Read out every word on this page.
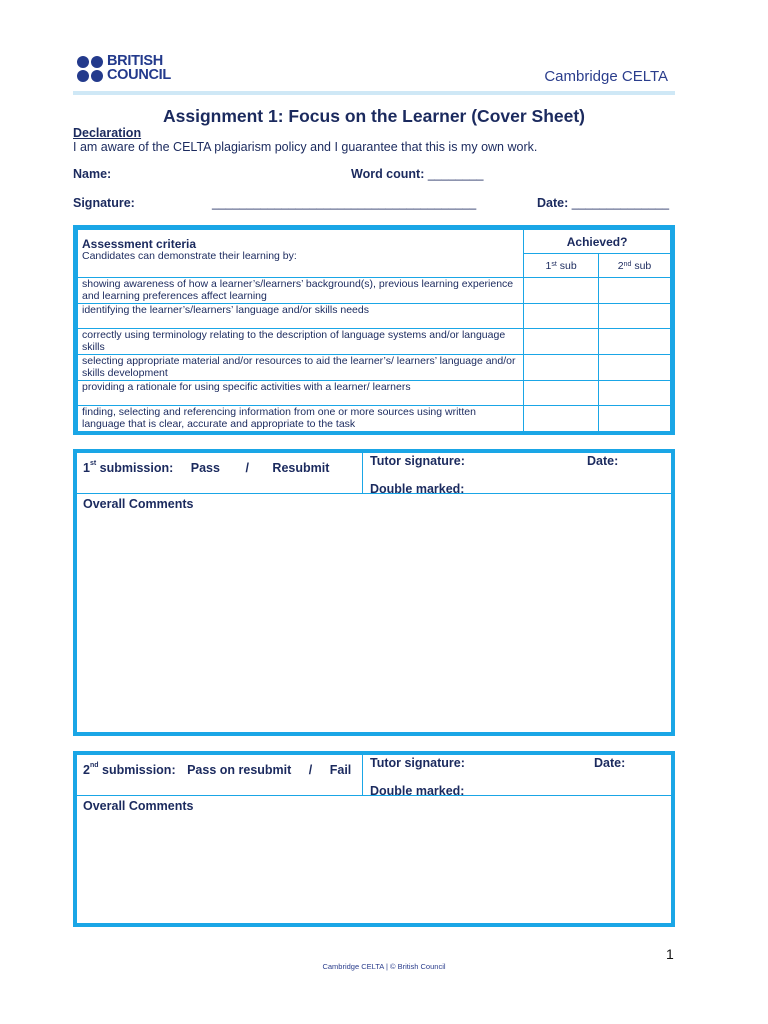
BRITISH
COUNCIL	Cambridge CELTA
Assignment 1: Focus on the Learner (Cover Sheet)
Declaration
I am aware of the CELTA plagiarism policy and I guarantee that this is my own work.
Name:	Word count: ________
Signature:	______________________________________	Date: ______________
Assessment criteria
Candidates can demonstrate their learning by:	Achieved?	
	1st sub	2nd sub
showing awareness of how a learner’s/learners’ background(s), previous learning experience and learning preferences affect learning		
identifying the learner’s/learners’ language and/or skills needs		
correctly using terminology relating to the description of language systems and/or language skills		
selecting appropriate material and/or resources to aid the learner’s/ learners’ language and/or skills development		
providing a rationale for using specific activities with a learner/ learners		
finding, selecting and referencing information from one or more sources using written language that is clear, accurate and appropriate to the task		
1st submission: Pass / Resubmit	Tutor signature:	Date:
Double marked:
Overall Comments
2nd submission: Pass on resubmit / Fail	Tutor signature:	Date:
Double marked:
Overall Comments
1
Cambridge CELTA | © British Council
